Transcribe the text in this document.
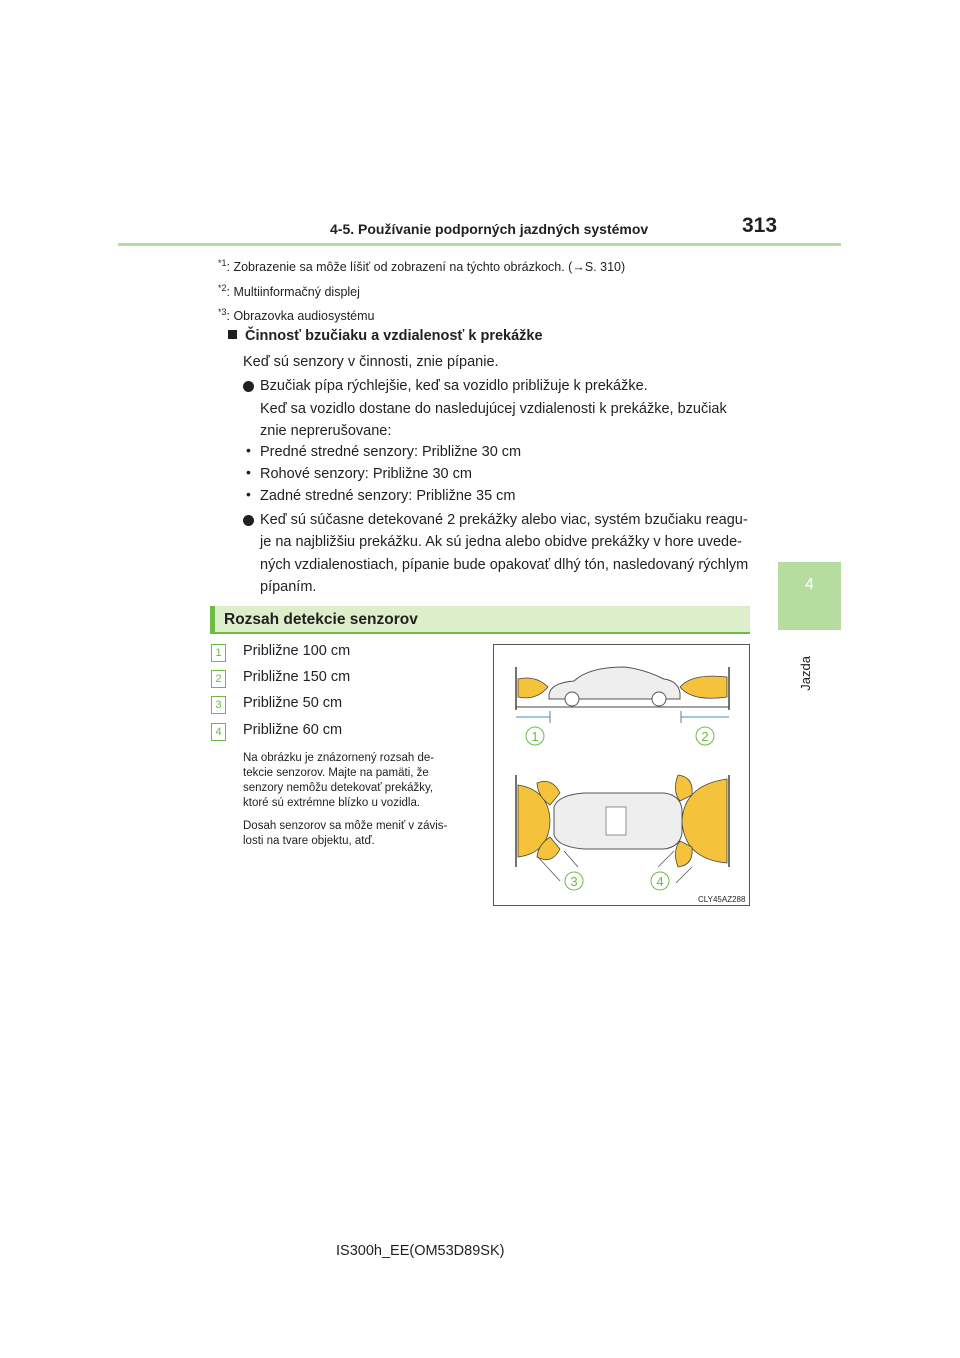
4-5. Používanie podporných jazdných systémov	313
4
Jazda
$^{*1}$: Zobrazenie sa môže líšiť od zobrazení na týchto obrázkoch. (→S. 310)
$^{*2}$: Multiinformačný displej
$^{*3}$: Obrazovka audiosystému
Činnosť bzučiaku a vzdialenosť k prekážke
Keď sú senzory v činnosti, znie pípanie.
Bzučiak pípa rýchlejšie, keď sa vozidlo približuje k prekážke.
Keď sa vozidlo dostane do nasledujúcej vzdialenosti k prekážke, bzučiak
znie neprerušovane:
• Predné stredné senzory: Približne 30 cm
• Rohové senzory: Približne 30 cm
• Zadné stredné senzory: Približne 35 cm
Keď sú súčasne detekované 2 prekážky alebo viac, systém bzučiaku reagu-
je na najbližšiu prekážku. Ak sú jedna alebo obidve prekážky v hore uvede-
ných vzdialenostiach, pípanie bude opakovať dlhý tón, nasledovaný rýchlym
pípaním.
Rozsah detekcie senzorov
1	Približne 100 cm
2	Približne 150 cm
3	Približne 50 cm
4	Približne 60 cm
Na obrázku je znázornený rozsah de-
tekcie senzorov. Majte na pamäti, že
senzory nemôžu detekovať prekážky,
ktoré sú extrémne blízko u vozidla.
Dosah senzorov sa môže meniť v závis-
losti na tvare objektu, atď.
1	2
3	4
CLY45AZ288
IS300h_EE(OM53D89SK)
